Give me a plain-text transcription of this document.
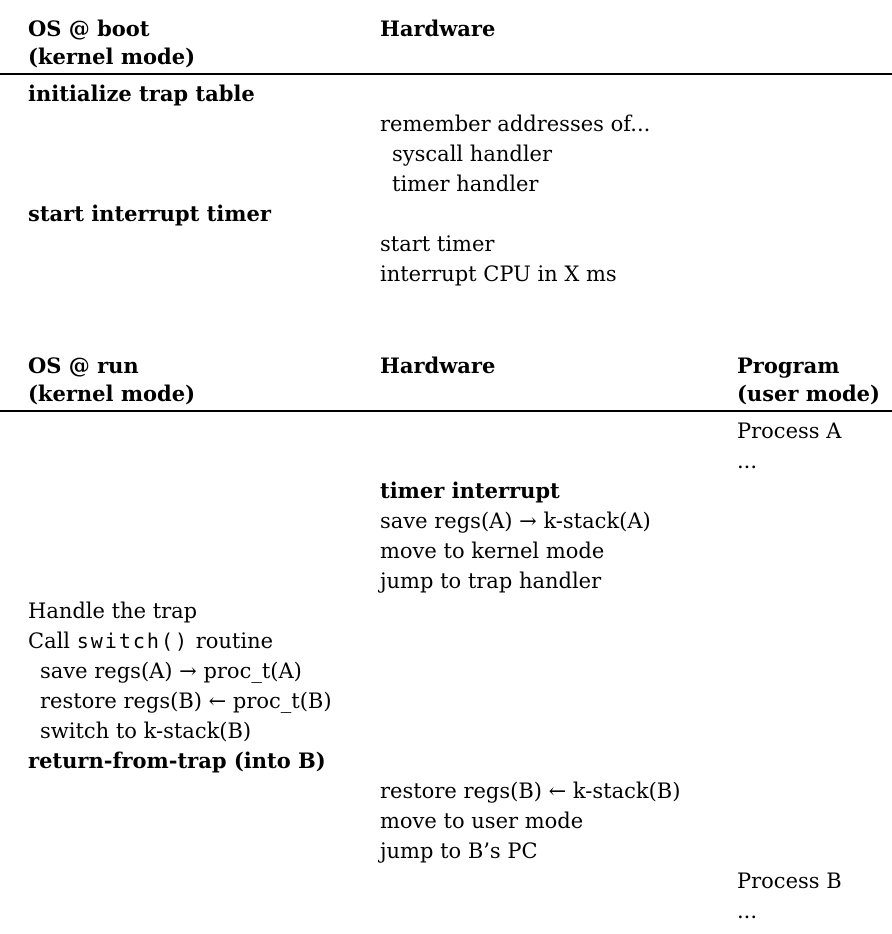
OS @ boot
(kernel mode)
Hardware
initialize trap table
remember addresses of...
syscall handler
timer handler
start interrupt timer
start timer
interrupt CPU in X ms
OS @ run
(kernel mode)
Hardware	Program
(user mode)
Process A
...
timer interrupt
save regs(A) → k-stack(A)
move to kernel mode
jump to trap handler
Handle the trap
Call switch() routine
save regs(A) → proc_t(A)
restore regs(B) ← proc_t(B)
switch to k-stack(B)
return-from-trap (into B)
restore regs(B) ← k-stack(B)
move to user mode
jump to B’s PC
Process B
...
